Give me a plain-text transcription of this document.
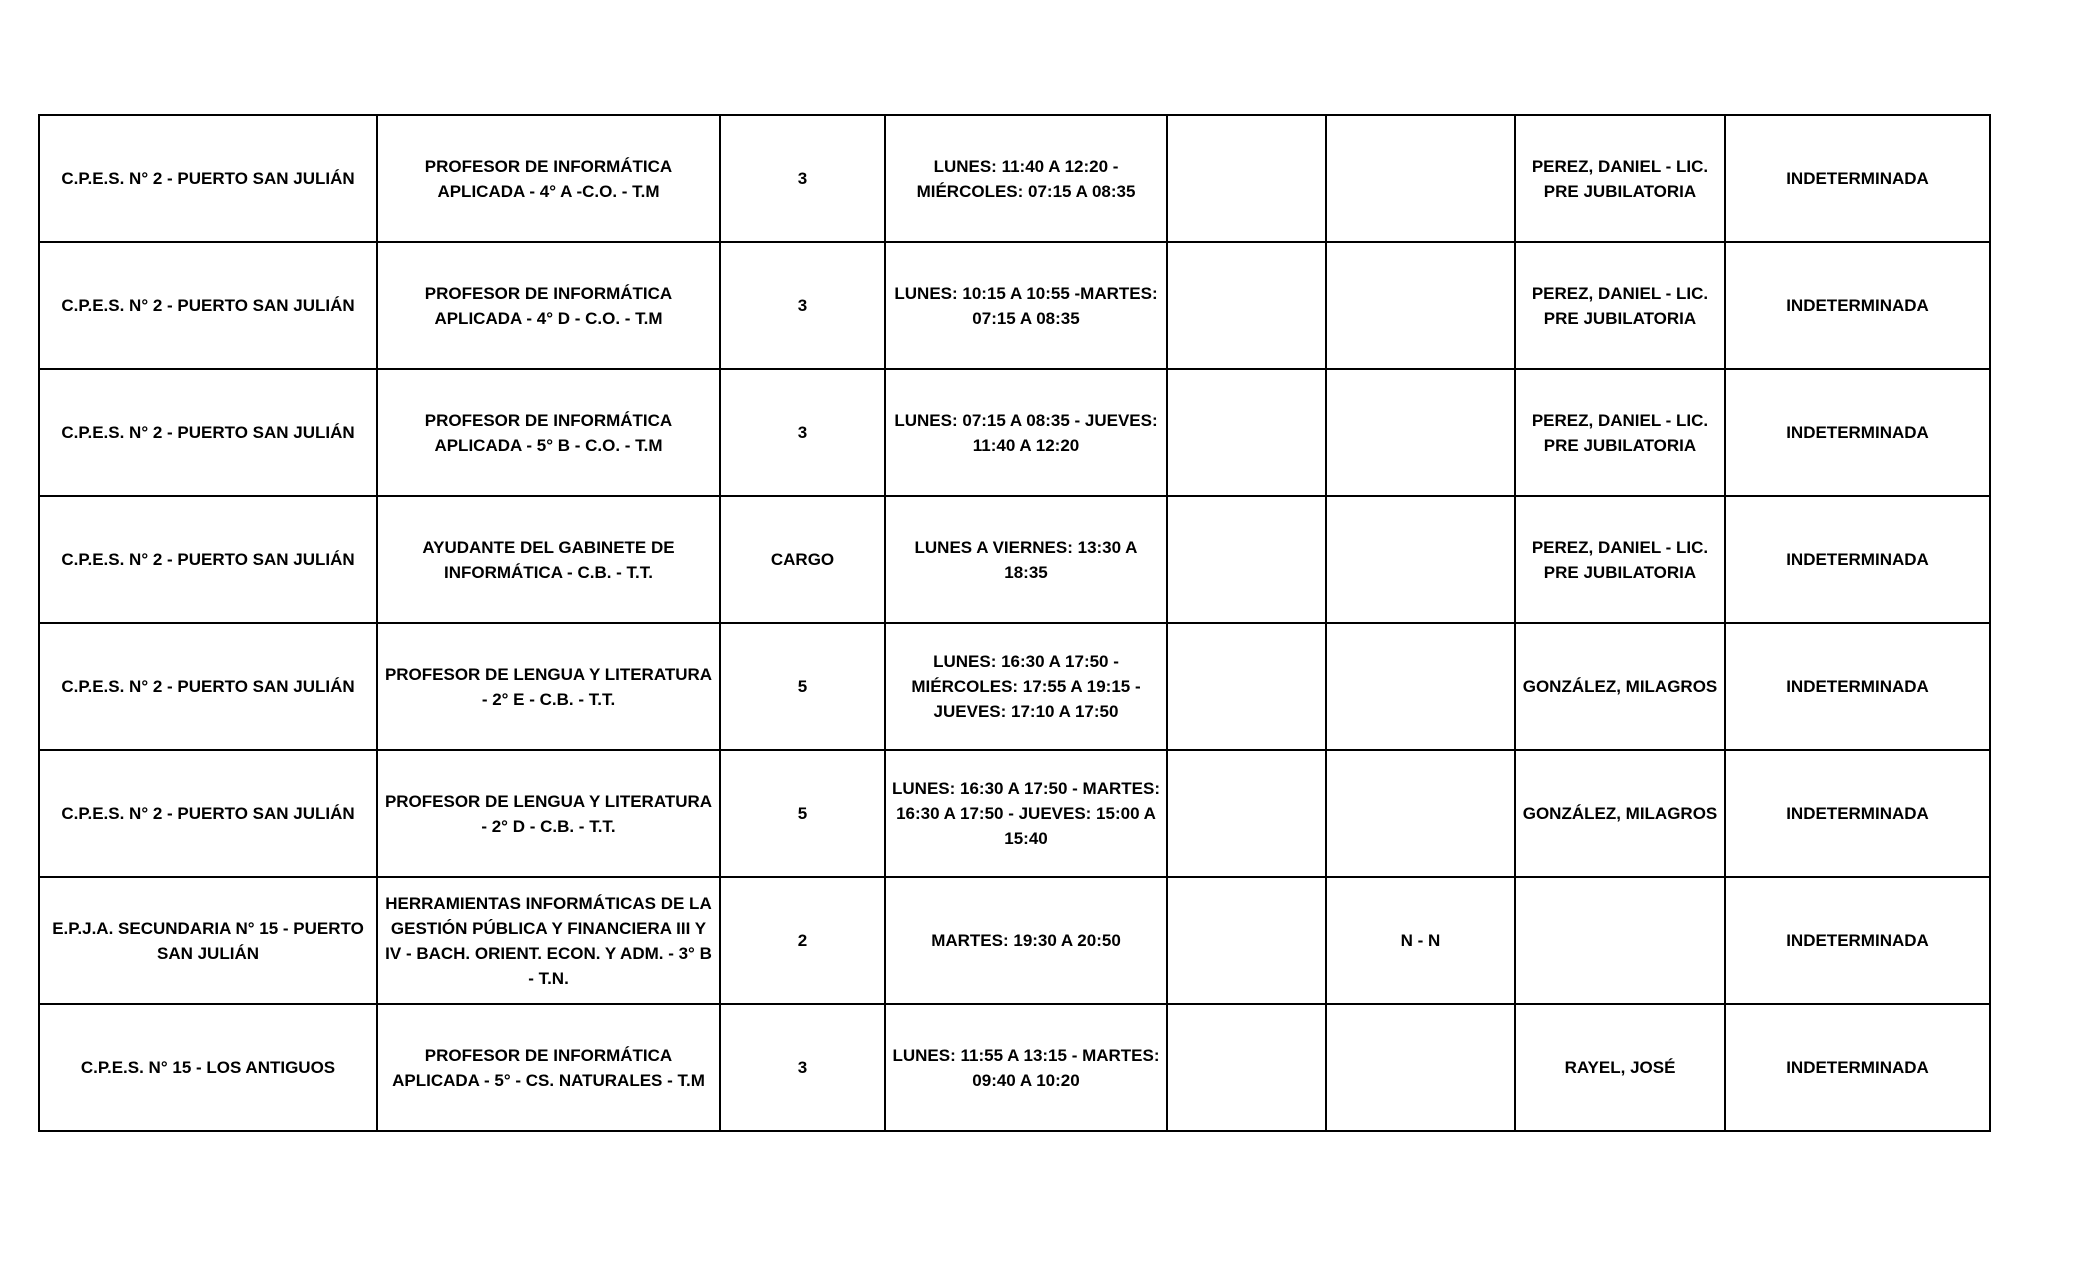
C.P.E.S. N° 2 - PUERTO SAN JULIÁN	PROFESOR DE INFORMÁTICA APLICADA - 4° A -C.O. - T.M	3	LUNES: 11:40 A 12:20 - MIÉRCOLES: 07:15 A 08:35			PEREZ, DANIEL - LIC. PRE JUBILATORIA	INDETERMINADA
C.P.E.S. N° 2 - PUERTO SAN JULIÁN	PROFESOR DE INFORMÁTICA APLICADA - 4° D - C.O. - T.M	3	LUNES: 10:15 A 10:55 -MARTES: 07:15 A 08:35			PEREZ, DANIEL - LIC. PRE JUBILATORIA	INDETERMINADA
C.P.E.S. N° 2 - PUERTO SAN JULIÁN	PROFESOR DE INFORMÁTICA APLICADA - 5° B - C.O. - T.M	3	LUNES: 07:15 A 08:35 - JUEVES: 11:40 A 12:20			PEREZ, DANIEL - LIC. PRE JUBILATORIA	INDETERMINADA
C.P.E.S. N° 2 - PUERTO SAN JULIÁN	AYUDANTE DEL GABINETE DE INFORMÁTICA - C.B. - T.T.	CARGO	LUNES A VIERNES: 13:30 A 18:35			PEREZ, DANIEL - LIC. PRE JUBILATORIA	INDETERMINADA
C.P.E.S. N° 2 - PUERTO SAN JULIÁN	PROFESOR DE LENGUA Y LITERATURA - 2° E - C.B. - T.T.	5	LUNES: 16:30 A 17:50 - MIÉRCOLES: 17:55 A 19:15 - JUEVES: 17:10 A 17:50			GONZÁLEZ, MILAGROS	INDETERMINADA
C.P.E.S. N° 2 - PUERTO SAN JULIÁN	PROFESOR DE LENGUA Y LITERATURA - 2° D - C.B. - T.T.	5	LUNES: 16:30 A 17:50 - MARTES: 16:30 A 17:50 - JUEVES: 15:00 A 15:40			GONZÁLEZ, MILAGROS	INDETERMINADA
E.P.J.A. SECUNDARIA N° 15 - PUERTO SAN JULIÁN	HERRAMIENTAS INFORMÁTICAS DE LA GESTIÓN PÚBLICA Y FINANCIERA III Y IV - BACH. ORIENT. ECON. Y ADM. - 3° B - T.N.	2	MARTES: 19:30 A 20:50		N - N		INDETERMINADA
C.P.E.S. N° 15 - LOS ANTIGUOS	PROFESOR DE INFORMÁTICA APLICADA - 5° - CS. NATURALES - T.M	3	LUNES: 11:55 A 13:15 - MARTES: 09:40 A 10:20			RAYEL, JOSÉ	INDETERMINADA
